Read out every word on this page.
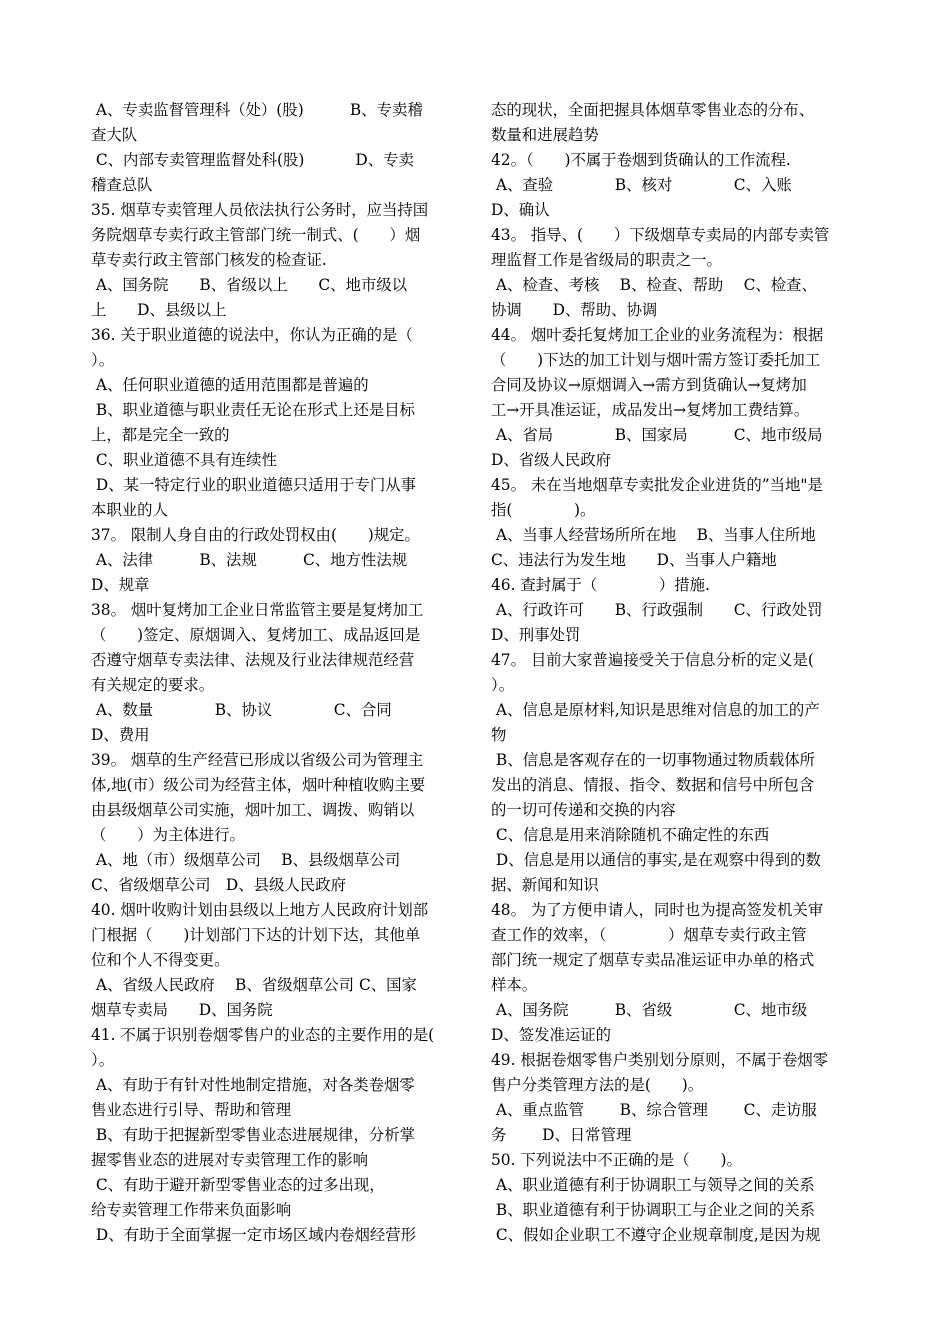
A、专卖监督管理科（处）(股)　　　B、专卖稽
查大队
C、内部专卖管理监督处科(股)　　　 D、专卖
稽查总队
35. 烟草专卖管理人员依法执行公务时，应当持国
务院烟草专卖行政主管部门统一制式、(　　）烟
草专卖行政主管部门核发的检查证.
A、国务院　　B、省级以上　　C、地市级以
上　　D、县级以上
36. 关于职业道德的说法中，你认为正确的是（
）。
A、任何职业道德的适用范围都是普遍的
B、职业道德与职业责任无论在形式上还是目标
上，都是完全一致的
C、职业道德不具有连续性
D、某一特定行业的职业道德只适用于专门从事
本职业的人
37。 限制人身自由的行政处罚权由(　　)规定。
A、法律　　　B、法规　　　C、地方性法规
D、规章
38。 烟叶复烤加工企业日常监管主要是复烤加工
（　　)签定、原烟调入、复烤加工、成品返回是
否遵守烟草专卖法律、法规及行业法律规范经营
有关规定的要求。
A、数量　　　　B、协议　　　　C、合同
D、费用
39。 烟草的生产经营已形成以省级公司为管理主
体,地(市）级公司为经营主体，烟叶种植收购主要
由县级烟草公司实施，烟叶加工、调拨、购销以
（　　）为主体进行。
A、地（市）级烟草公司　 B、县级烟草公司
C、省级烟草公司　D、县级人民政府
40. 烟叶收购计划由县级以上地方人民政府计划部
门根据（　　)计划部门下达的计划下达，其他单
位和个人不得变更。
A、省级人民政府　 B、省级烟草公司 C、国家
烟草专卖局　　D、国务院
41. 不属于识别卷烟零售户的业态的主要作用的是(
）。
A、有助于有针对性地制定措施，对各类卷烟零
售业态进行引导、帮助和管理
B、有助于把握新型零售业态进展规律，分析掌
握零售业态的进展对专卖管理工作的影响
C、有助于避开新型零售业态的过多出现，
给专卖管理工作带来负面影响
D、有助于全面掌握一定市场区域内卷烟经营形
态的现状，全面把握具体烟草零售业态的分布、
数量和进展趋势
42。（　　)不属于卷烟到货确认的工作流程.
A、查验　　　　B、核对　　　　C、入账
D、确认
43。 指导、(　　）下级烟草专卖局的内部专卖管
理监督工作是省级局的职责之一。
A、检查、考核　 B、检查、帮助　 C、检查、
协调　　D、帮助、协调
44。 烟叶委托复烤加工企业的业务流程为：根据
（　　)下达的加工计划与烟叶需方签订委托加工
合同及协议→原烟调入→需方到货确认→复烤加
工→开具准运证，成品发出→复烤加工费结算。
A、省局　　　　B、国家局　　　C、地市级局
D、省级人民政府
45。 未在当地烟草专卖批发企业进货的”当地"是
指(　　　　)。
A、当事人经营场所所在地　 B、当事人住所地
C、违法行为发生地　　D、当事人户籍地
46. 查封属于（　　　　）措施.
A、行政许可　　B、行政强制　　C、行政处罚
D、刑事处罚
47。 目前大家普遍接受关于信息分析的定义是(
）。
A、信息是原材料,知识是思维对信息的加工的产
物
B、信息是客观存在的一切事物通过物质载体所
发出的消息、情报、指令、数据和信号中所包含
的一切可传递和交换的内容
C、信息是用来消除随机不确定性的东西
D、信息是用以通信的事实,是在观察中得到的数
据、新闻和知识
48。 为了方便申请人，同时也为提高签发机关审
查工作的效率，（　　　　）烟草专卖行政主管
部门统一规定了烟草专卖品准运证申办单的格式
样本。
A、国务院　　　B、省级　　　　C、地市级
D、签发准运证的
49. 根据卷烟零售户类别划分原则，不属于卷烟零
售户分类管理方法的是(　　)。
A、重点监管　　 B、综合管理　　 C、走访服
务　　 D、日常管理
50. 下列说法中不正确的是（　　)。
A、职业道德有利于协调职工与领导之间的关系
B、职业道德有利于协调职工与企业之间的关系
C、假如企业职工不遵守企业规章制度,是因为规
